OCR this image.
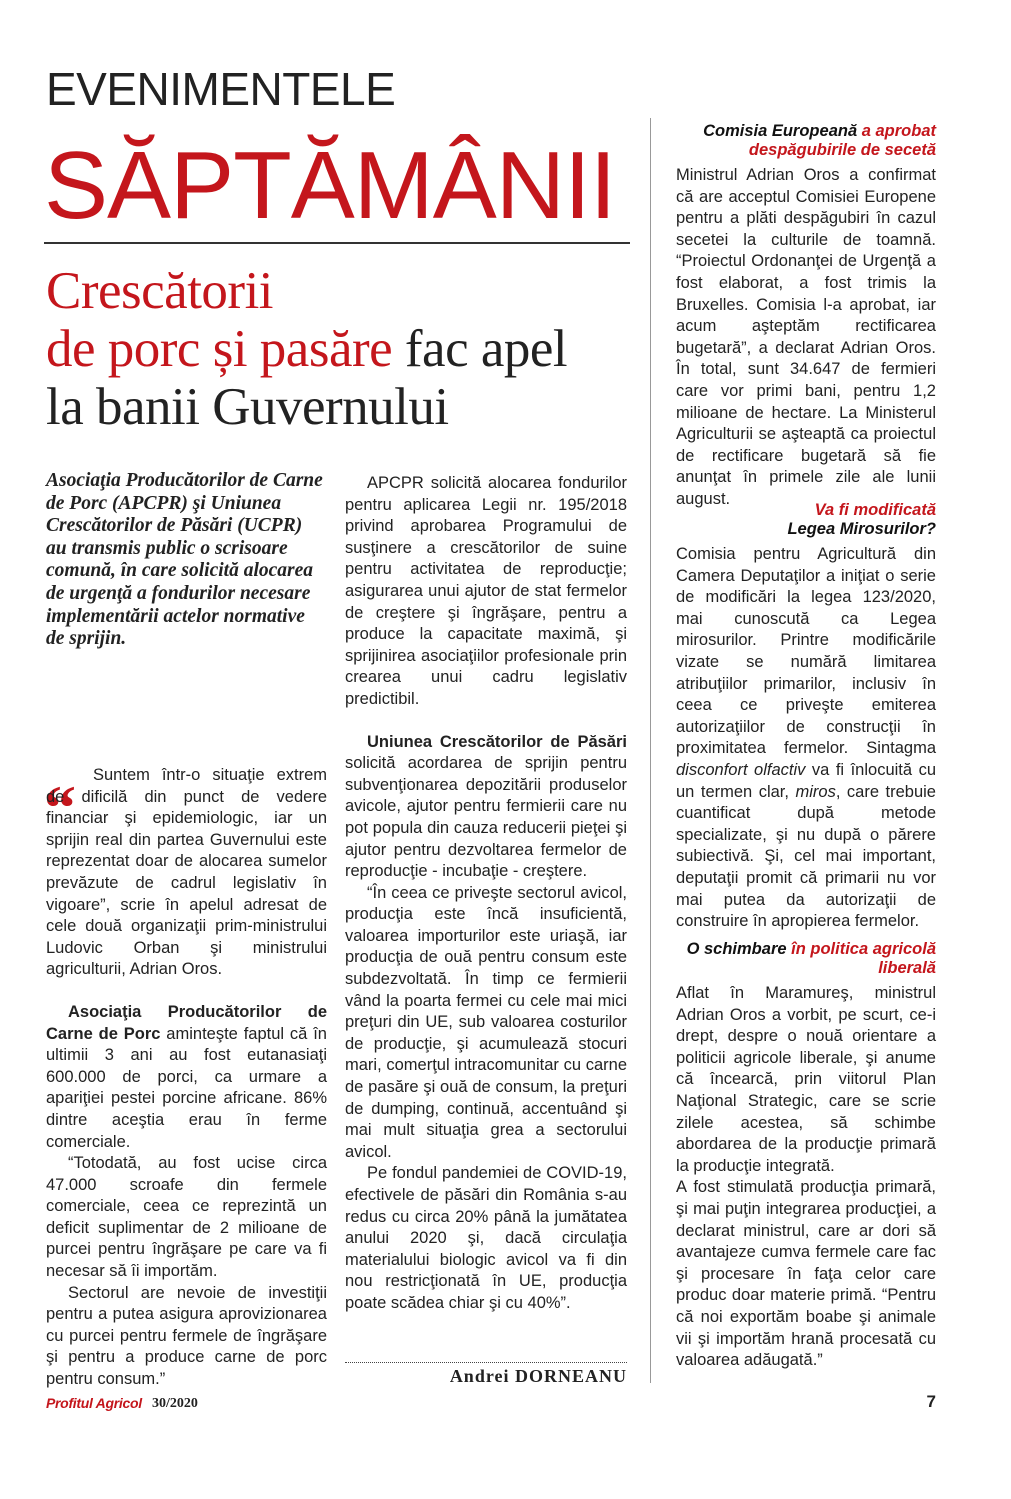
EVENIMENTELE
SĂPTĂMÂNII
Crescătorii
de porc și pasăre fac apel
la banii Guvernului
Asociaţia Producătorilor de Carne de Porc (APCPR) şi Uniunea Crescătorilor de Păsări (UCPR) au transmis public o scrisoare comună, în care solicită alocarea de urgenţă a fondurilor necesare implementării actelor normative de sprijin.
“	Suntem într-o situaţie extrem de dificilă din punct de vedere financiar şi epidemiologic, iar un sprijin real din partea Guvernului este reprezentat doar de alocarea sumelor prevăzute de cadrul legislativ în vigoare”, scrie în apelul adresat de cele două organizaţii prim-ministrului Ludovic Orban şi ministrului agriculturii, Adrian Oros.

Asociaţia Producătorilor de Carne de Porc aminteşte faptul că în ultimii 3 ani au fost eutanasiaţi 600.000 de porci, ca urmare a apariţiei pestei porcine africane. 86% dintre aceştia erau în ferme comerciale.

“Totodată, au fost ucise circa 47.000 scroafe din fermele comerciale, ceea ce reprezintă un deficit suplimentar de 2 milioane de purcei pentru îngrăşare pe care va fi necesar să îi importăm.

Sectorul are nevoie de investiţii pentru a putea asigura aprovizionarea cu purcei pentru fermele de îngrăşare şi pentru a produce carne de porc pentru consum.”

APCPR solicită alocarea fondurilor pentru aplicarea Legii nr. 195/2018 privind aprobarea Programului de susţinere a crescătorilor de suine pentru activitatea de reproducţie; asigurarea unui ajutor de stat fermelor de creştere şi îngrăşare, pentru a produce la capacitate maximă, şi sprijinirea asociaţiilor profesionale prin crearea unui cadru legislativ predictibil.

Uniunea Crescătorilor de Păsări solicită acordarea de sprijin pentru subvenţionarea depozitării produselor avicole, ajutor pentru fermierii care nu pot popula din cauza reducerii pieţei şi ajutor pentru dezvoltarea fermelor de reproducţie - incubaţie - creştere.

“În ceea ce priveşte sectorul avicol, producţia este încă insuficientă, valoarea importurilor este uriaşă, iar producţia de ouă pentru consum este subdezvoltată. În timp ce fermierii vând la poarta fermei cu cele mai mici preţuri din UE, sub valoarea costurilor de producţie, şi acumulează stocuri mari, comerţul intracomunitar cu carne de pasăre şi ouă de consum, la preţuri de dumping, continuă, accentuând şi mai mult situaţia grea a sectorului avicol.

Pe fondul pandemiei de COVID-19, efectivele de păsări din România s-au redus cu circa 20% până la jumătatea anului 2020 şi, dacă circulaţia materialului biologic avicol va fi din nou restricţionată în UE, producţia poate scădea chiar şi cu 40%”.

Andrei DORNEANU
Comisia Europeană a aprobat despăgubirile de secetă
Ministrul Adrian Oros a confirmat că are acceptul Comisiei Europene pentru a plăti despăgubiri în cazul secetei la culturile de toamnă. “Proiectul Ordonanţei de Urgenţă a fost elaborat, a fost trimis la Bruxelles. Comisia l-a aprobat, iar acum aşteptăm rectificarea bugetară”, a declarat Adrian Oros. În total, sunt 34.647 de fermieri care vor primi bani, pentru 1,2 milioane de hectare. La Ministerul Agriculturii se aşteaptă ca proiectul de rectificare bugetară să fie anunţat în primele zile ale lunii august.
Va fi modificată
Legea Mirosurilor?
Comisia pentru Agricultură din Camera Deputaţilor a iniţiat o serie de modificări la legea 123/2020, mai cunoscută ca Legea mirosurilor. Printre modificările vizate se numără limitarea atribuţiilor primarilor, inclusiv în ceea ce priveşte emiterea autorizaţiilor de construcţii în proximitatea fermelor. Sintagma disconfort olfactiv va fi înlocuită cu un termen clar, miros, care trebuie cuantificat după metode specializate, şi nu după o părere subiectivă. Şi, cel mai important, deputaţii promit că primarii nu vor mai putea da autorizaţii de construire în apropierea fermelor.
O schimbare în politica agricolă liberală

Aflat în Maramureş, ministrul Adrian Oros a vorbit, pe scurt, ce-i drept, despre o nouă orientare a politicii agricole liberale, şi anume că încearcă, prin viitorul Plan Naţional Strategic, care se scrie zilele acestea, să schimbe abordarea de la producţie primară la producţie integrată.

A fost stimulată producţia primară, şi mai puţin integrarea producţiei, a declarat ministrul, care ar dori să avantajeze cumva fermele care fac şi procesare în faţa celor care produc doar materie primă. “Pentru că noi exportăm boabe şi animale vii şi importăm hrană procesată cu valoarea adăugată.”

Profitul Agricol 30/2020	7
